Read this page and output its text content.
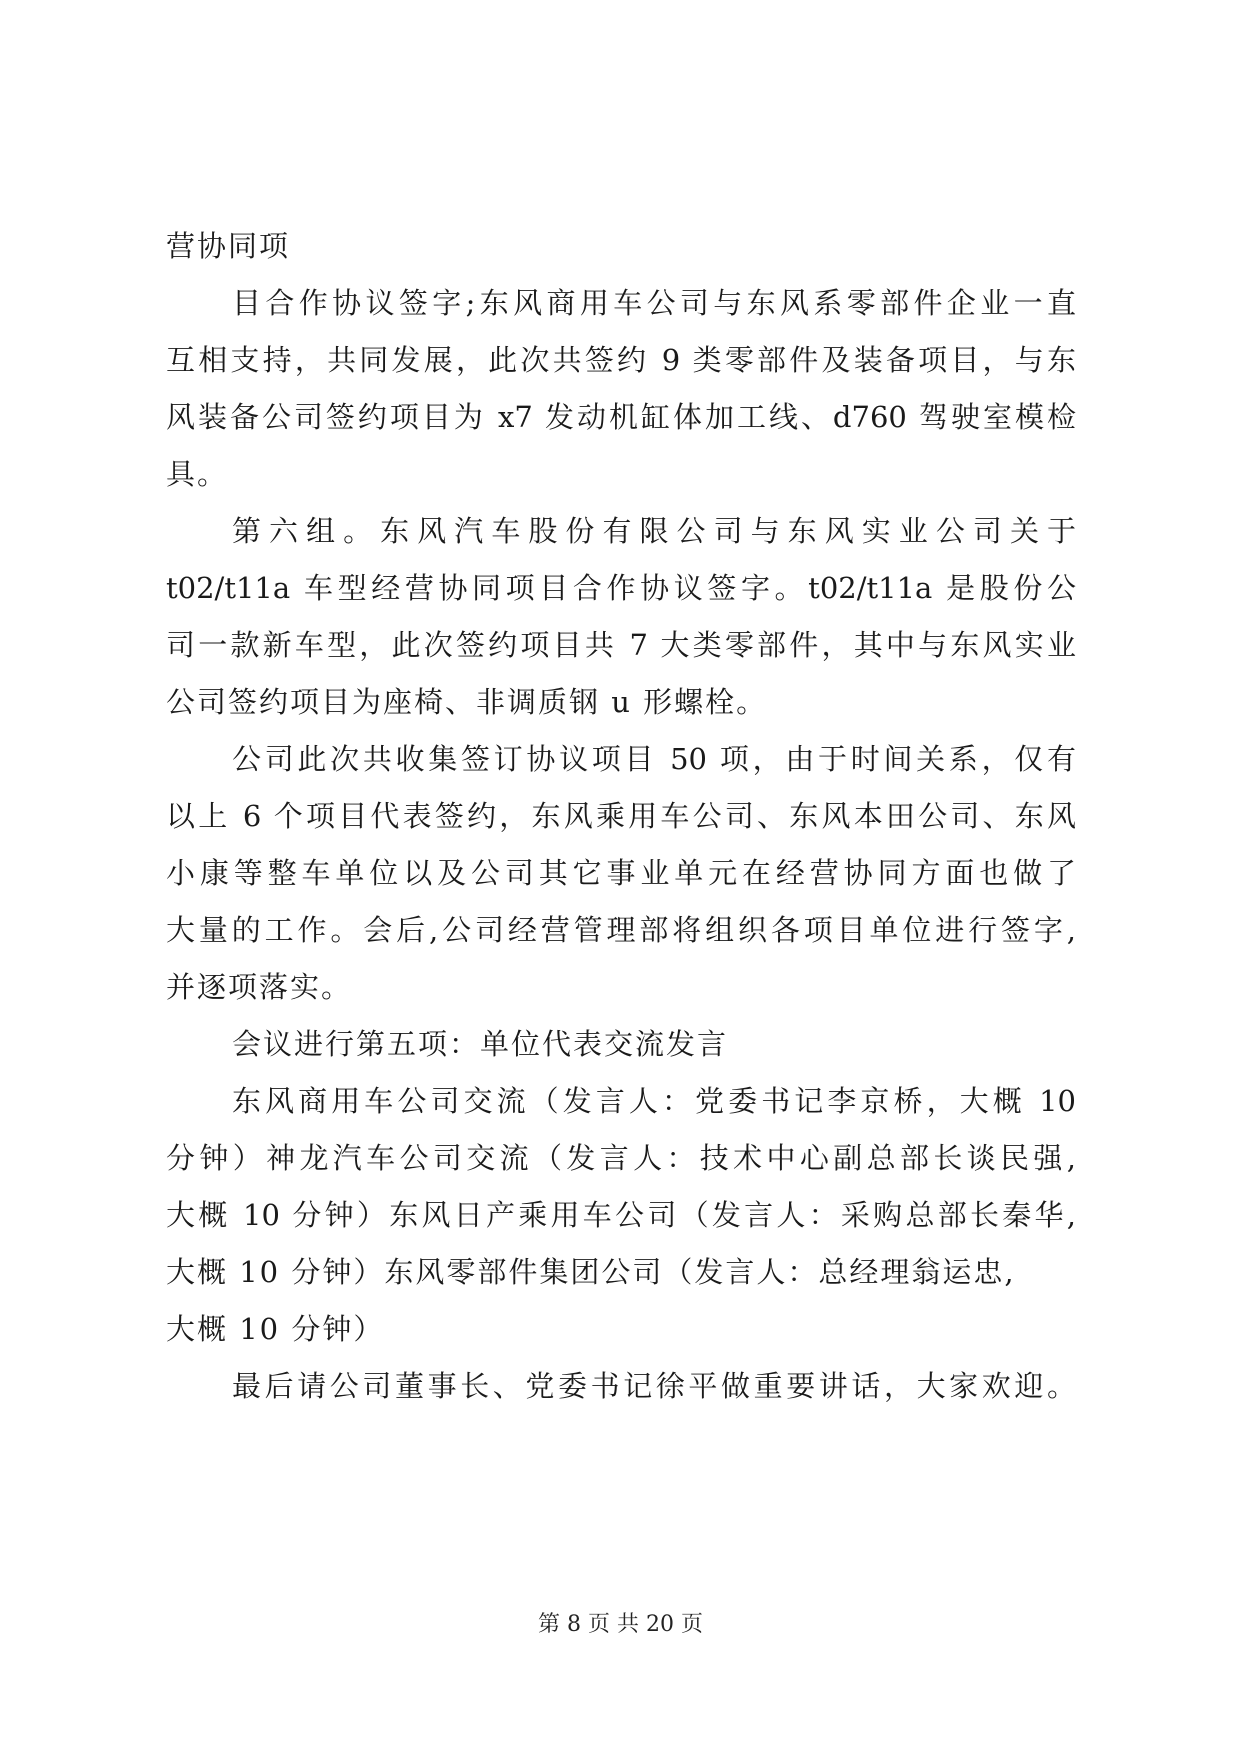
营协同项
目合作协议签字;东风商用车公司与东风系零部件企业一直
互相支持，共同发展，此次共签约 9 类零部件及装备项目，与东
风装备公司签约项目为 x7 发动机缸体加工线、d760 驾驶室模检
具。
第六组。东风汽车股份有限公司与东风实业公司关于
t02/t11a 车型经营协同项目合作协议签字。t02/t11a 是股份公
司一款新车型，此次签约项目共 7 大类零部件，其中与东风实业
公司签约项目为座椅、非调质钢 u 形螺栓。
公司此次共收集签订协议项目 50 项，由于时间关系，仅有
以上 6 个项目代表签约，东风乘用车公司、东风本田公司、东风
小康等整车单位以及公司其它事业单元在经营协同方面也做了
大量的工作。会后,公司经营管理部将组织各项目单位进行签字,
并逐项落实。
会议进行第五项：单位代表交流发言
东风商用车公司交流（发言人：党委书记李京桥，大概 10
分钟）神龙汽车公司交流（发言人：技术中心副总部长谈民强,
大概 10 分钟）东风日产乘用车公司（发言人：采购总部长秦华,
大概 10 分钟）东风零部件集团公司（发言人：总经理翁运忠,
大概 10 分钟）
最后请公司董事长、党委书记徐平做重要讲话，大家欢迎。
第 8 页 共 20 页
